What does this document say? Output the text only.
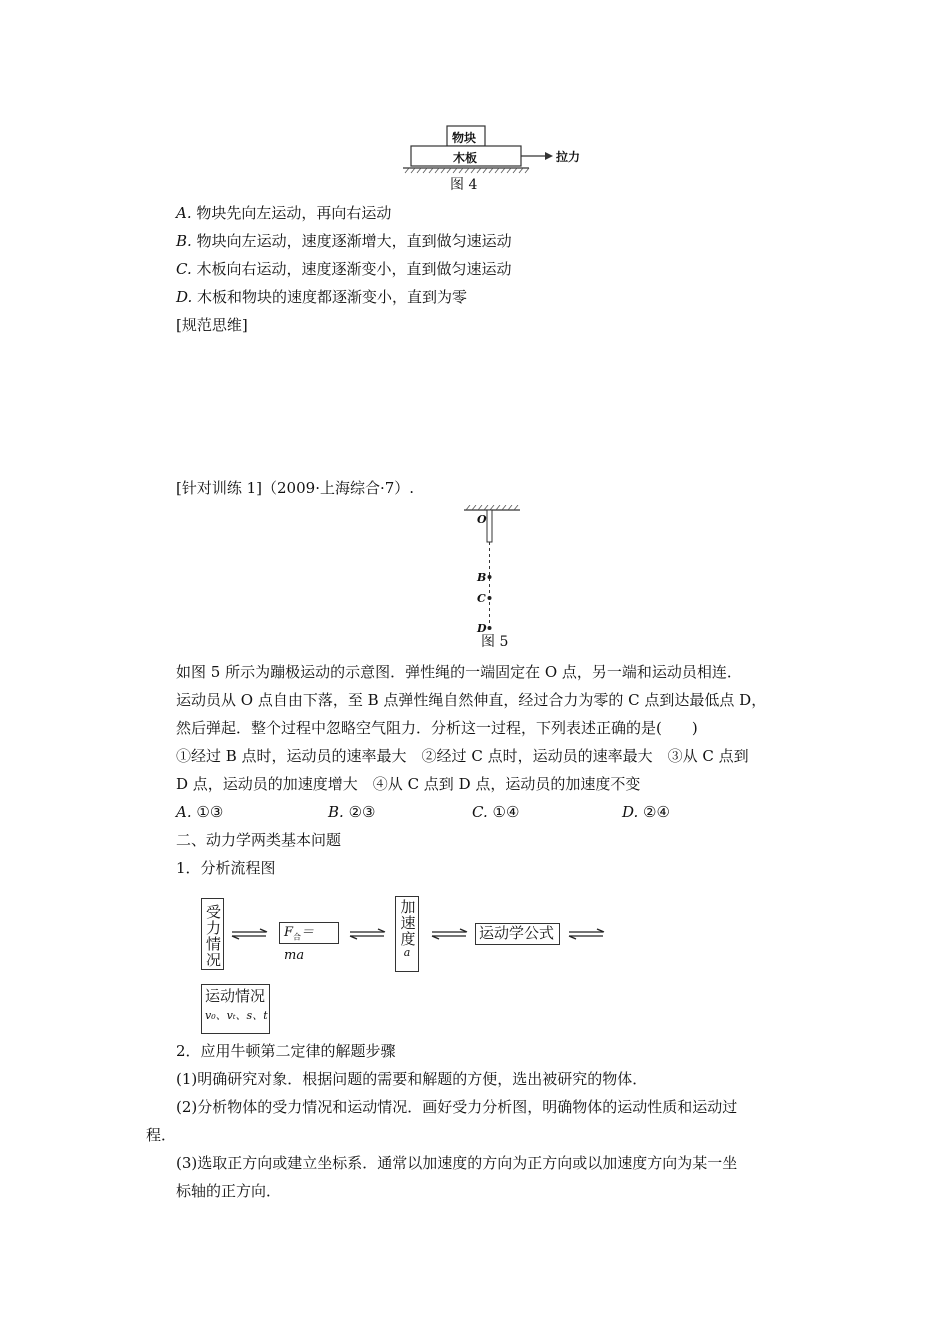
物块
木板	拉力
图 4
A. 物块先向左运动，再向右运动
B. 物块向左运动，速度逐渐增大，直到做匀速运动
C. 木板向右运动，速度逐渐变小，直到做匀速运动
D. 木板和物块的速度都逐渐变小，直到为零
[规范思维]
[针对训练 1]（2009·上海综合·7）.
O
B
C
D
图 5
如图 5 所示为蹦极运动的示意图．弹性绳的一端固定在 O 点，另一端和运动员相连．
运动员从 O 点自由下落，至 B 点弹性绳自然伸直，经过合力为零的 C 点到达最低点 D，
然后弹起．整个过程中忽略空气阻力．分析这一过程，下列表述正确的是(　　)
①经过 B 点时，运动员的速率最大　②经过 C 点时，运动员的速率最大　③从 C 点到
D 点，运动员的加速度增大　④从 C 点到 D 点，运动员的加速度不变
A. ①③	B. ②③	C. ①④	D. ②④
二、动力学两类基本问题
1．分析流程图
受力情况	$F_合=ma$
加速度
a
运动学公式
运动情况
v₀、vₜ、s、t
2．应用牛顿第二定律的解题步骤
(1)明确研究对象．根据问题的需要和解题的方便，选出被研究的物体．
(2)分析物体的受力情况和运动情况．画好受力分析图，明确物体的运动性质和运动过
程．
(3)选取正方向或建立坐标系．通常以加速度的方向为正方向或以加速度方向为某一坐
标轴的正方向．
